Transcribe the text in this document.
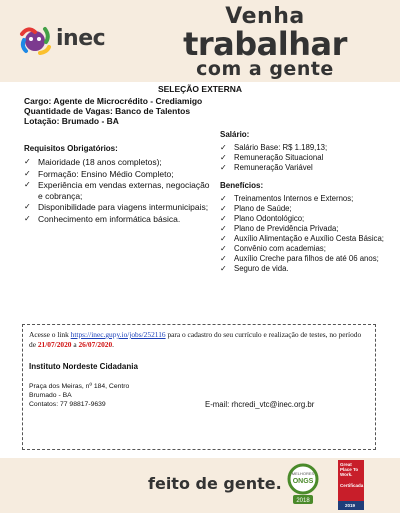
inec
Venha
trabalhar
com a gente
SELEÇÃO EXTERNA
Cargo: Agente de Microcrédito - Crediamigo
Quantidade de Vagas: Banco de Talentos
Lotação: Brumado - BA
Requisitos Obrigatórios:
✓ Maioridade (18 anos completos);
✓ Formação: Ensino Médio Completo;
✓ Experiência em vendas externas, negociação e cobrança;
✓ Disponibilidade para viagens intermunicipais;
✓ Conhecimento em informática básica.
Salário:
✓ Salário Base: R$ 1.189,13;
✓ Remuneração Situacional
✓ Remuneração Variável
Benefícios:
✓ Treinamentos Internos e Externos;
✓ Plano de Saúde;
✓ Plano Odontológico;
✓ Plano de Previdência Privada;
✓ Auxílio Alimentação e Auxílio Cesta Básica;
✓ Convênio com academias;
✓ Auxílio Creche para filhos de até 06 anos;
✓ Seguro de vida.
Acesse o link https://inec.gupy.io/jobs/252116 para o cadastro do seu currículo e realização de testes, no período de 21/07/2020 a 26/07/2020.
Instituto Nordeste Cidadania
Praça dos Meiras, nº 184, Centro
Brumado - BA
Contatos: 77 98817-9639	E-mail: rhcredi_vtc@inec.org.br
feito de gente.
MELHORES
ONGS
2018
Great Place To Work.
Certificada
2019
